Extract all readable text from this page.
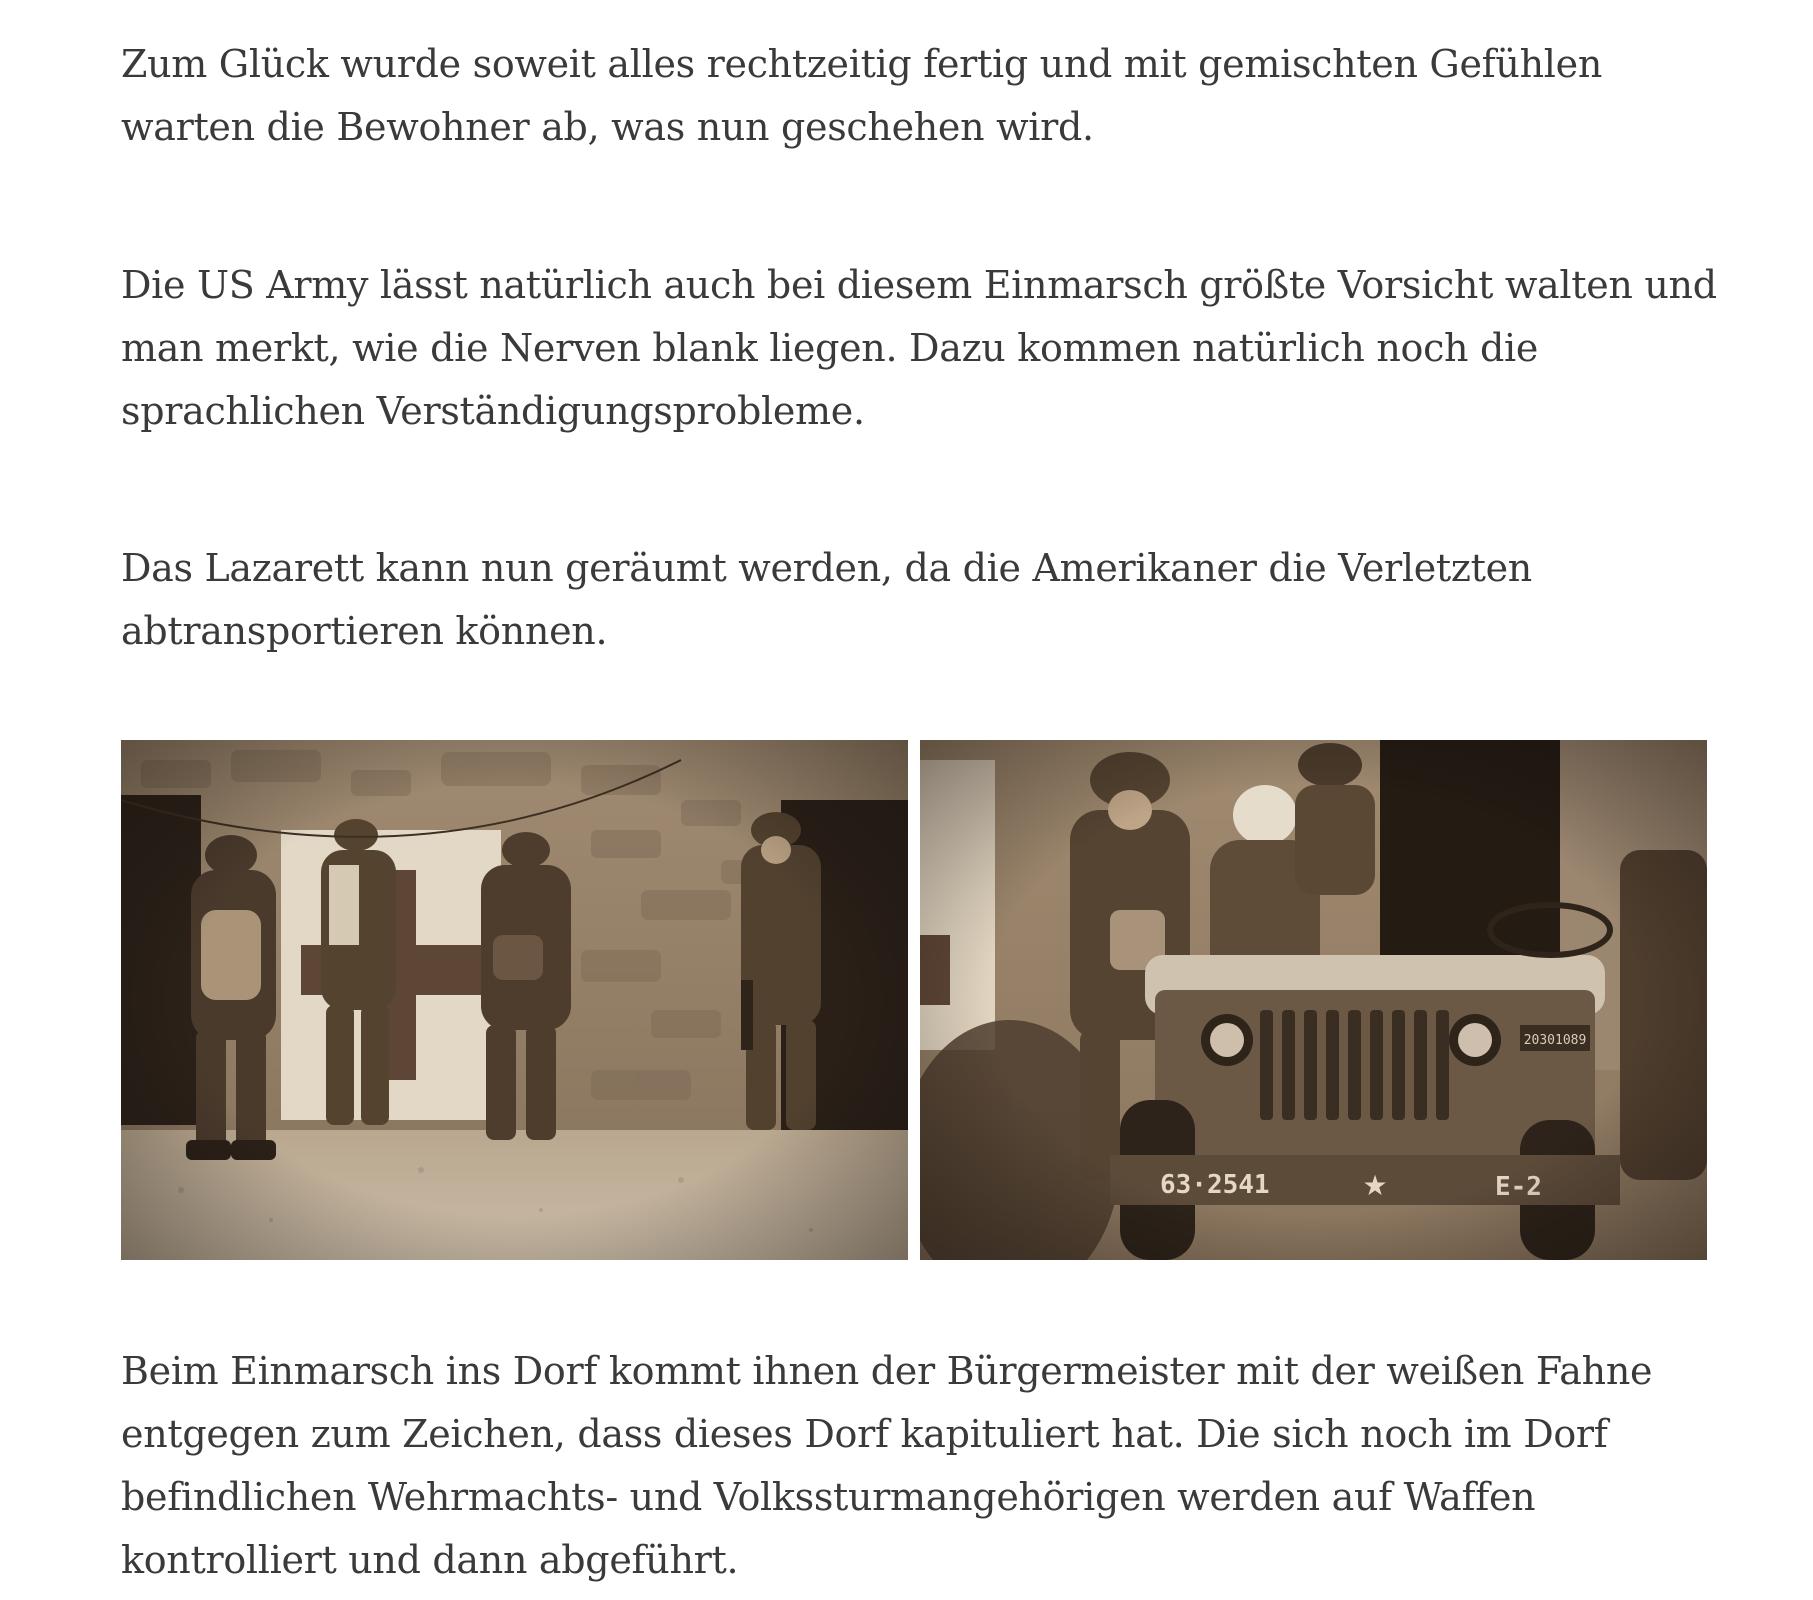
Zum Glück wurde soweit alles rechtzeitig fertig und mit gemischten Gefühlen warten die Bewohner ab, was nun geschehen wird.

Die US Army lässt natürlich auch bei diesem Einmarsch größte Vorsicht walten und man merkt, wie die Nerven blank liegen. Dazu kommen natürlich noch die sprachlichen Verständigungsprobleme.

Das Lazarett kann nun geräumt werden, da die Amerikaner die Verletzten abtransportieren können.

Beim Einmarsch ins Dorf kommt ihnen der Bürgermeister mit der weißen Fahne entgegen zum Zeichen, dass dieses Dorf kapituliert hat. Die sich noch im Dorf befindlichen Wehrmachts- und Volkssturmangehörigen werden auf Waffen kontrolliert und dann abgeführt.
